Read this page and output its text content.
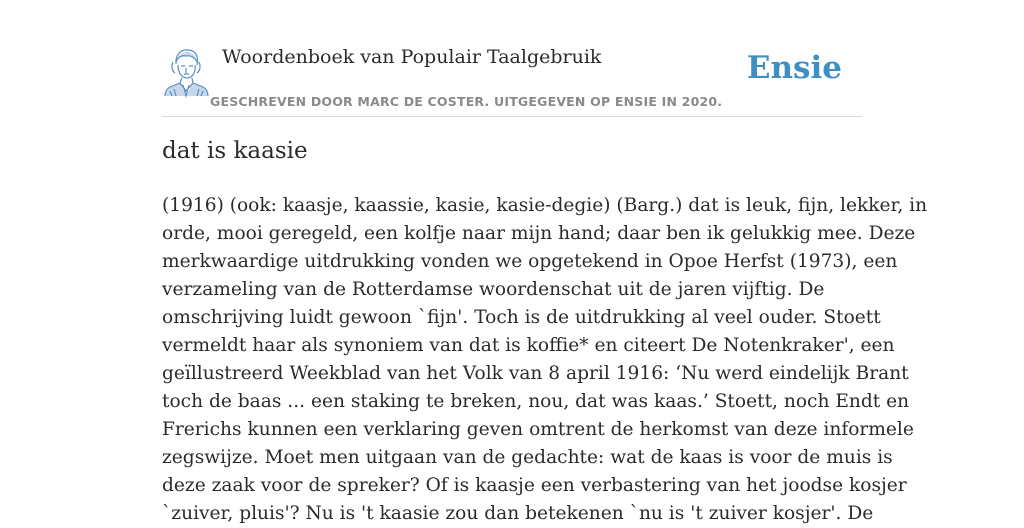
Woordenboek van Populair Taalgebruik
GESCHREVEN DOOR MARC DE COSTER. UITGEGEVEN OP ENSIE IN 2020.
Ensie
dat is kaasie

(1916) (ook: kaasje, kaassie, kasie, kasie-degie) (Barg.) dat is leuk, fijn, lekker, in
orde, mooi geregeld, een kolfje naar mijn hand; daar ben ik gelukkig mee. Deze
merkwaardige uitdrukking vonden we opgetekend in Opoe Herfst (1973), een
verzameling van de Rotterdamse woordenschat uit de jaren vijftig. De
omschrijving luidt gewoon `fijn'. Toch is de uitdrukking al veel ouder. Stoett
vermeldt haar als synoniem van dat is koffie* en citeert De Notenkraker', een
geïllustreerd Weekblad van het Volk van 8 april 1916: ‘Nu werd eindelijk Brant
toch de baas ... een staking te breken, nou, dat was kaas.’ Stoett, noch Endt en
Frerichs kunnen een verklaring geven omtrent de herkomst van deze informele
zegswijze. Moet men uitgaan van de gedachte: wat de kaas is voor de muis is
deze zaak voor de spreker? Of is kaasje een verbastering van het joodse kosjer
`zuiver, pluis'? Nu is 't kaasie zou dan betekenen `nu is 't zuiver kosjer'. De
